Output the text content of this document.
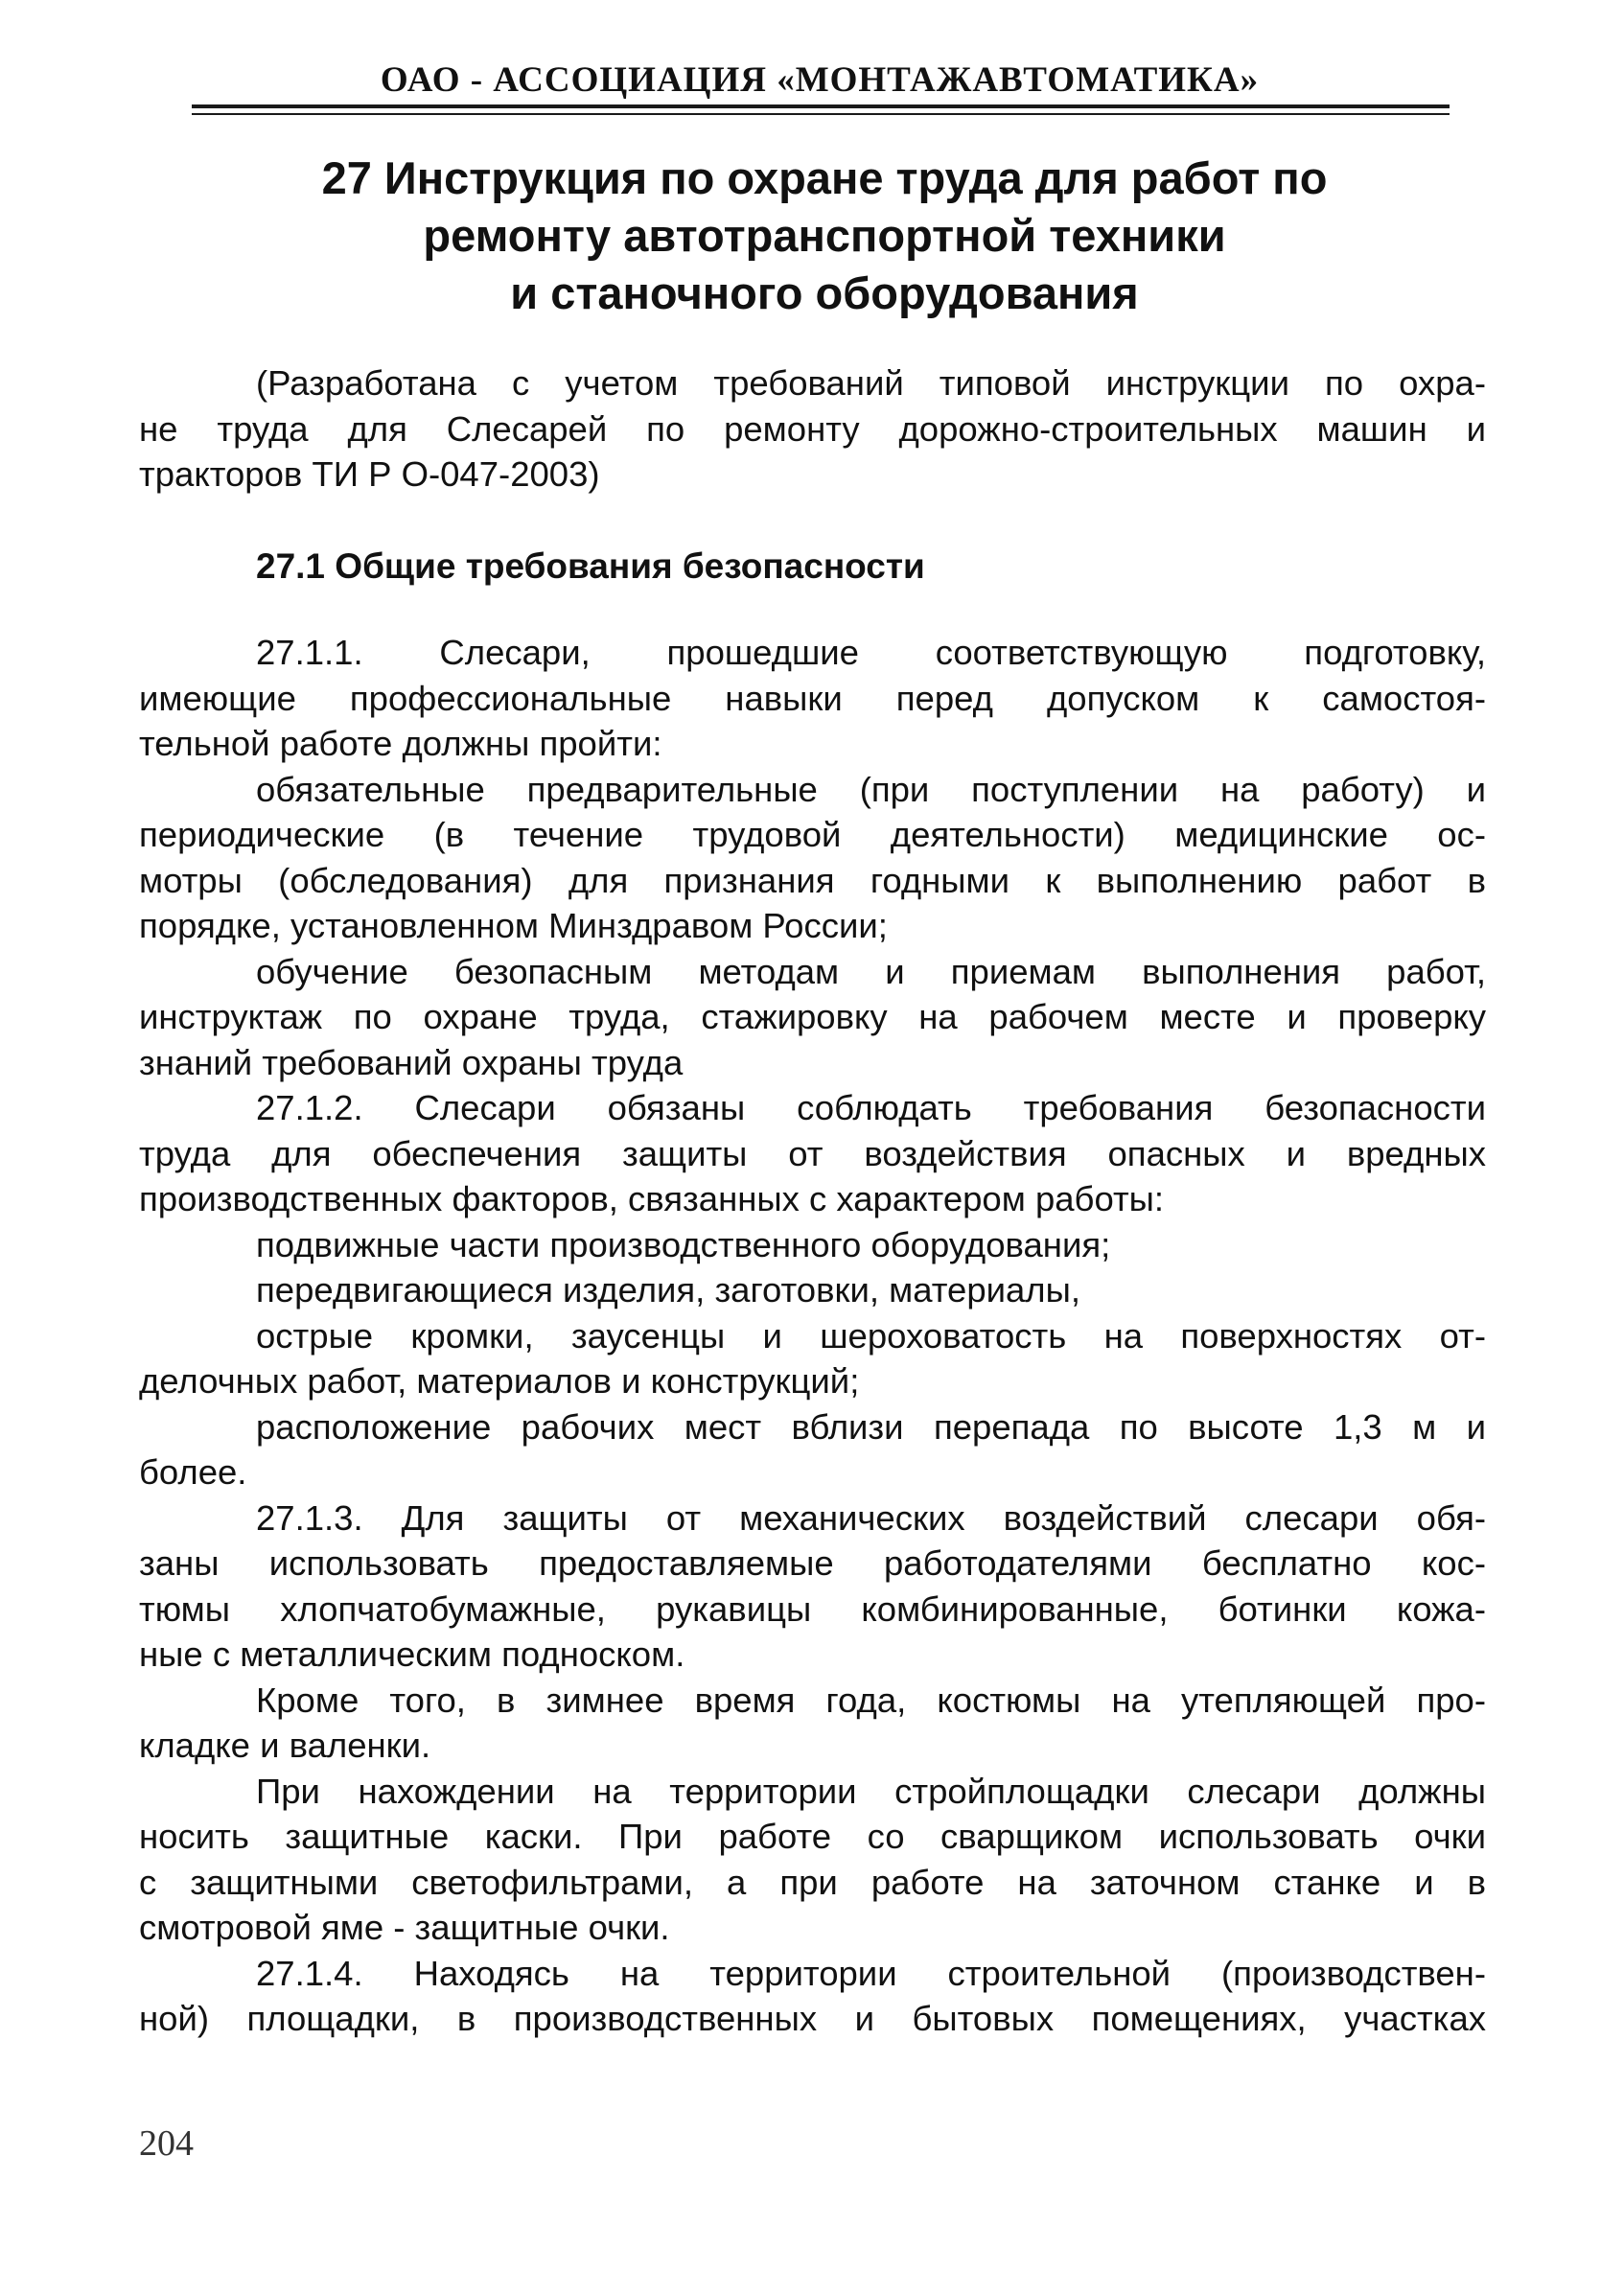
ОАО - АССОЦИАЦИЯ «МОНТАЖАВТОМАТИКА»
27 Инструкция по охране труда для работ по
ремонту автотранспортной техники
и станочного оборудования
(Разработана с учетом требований типовой инструкции по охра-
не труда для Слесарей по ремонту дорожно-строительных машин и
тракторов ТИ Р О-047-2003)
27.1 Общие требования безопасности
27.1.1. Слесари, прошедшие соответствующую подготовку,
имеющие профессиональные навыки перед допуском к самостоя-
тельной работе должны пройти:
обязательные предварительные (при поступлении на работу) и
периодические (в течение трудовой деятельности) медицинские ос-
мотры (обследования) для признания годными к выполнению работ в
порядке, установленном Минздравом России;
обучение безопасным методам и приемам выполнения работ,
инструктаж по охране труда, стажировку на рабочем месте и проверку
знаний требований охраны труда
27.1.2. Слесари обязаны соблюдать требования безопасности
труда для обеспечения защиты от воздействия опасных и вредных
производственных факторов, связанных с характером работы:
подвижные части производственного оборудования;
передвигающиеся изделия, заготовки, материалы,
острые кромки, заусенцы и шероховатость на поверхностях от-
делочных работ, материалов и конструкций;
расположение рабочих мест вблизи перепада по высоте 1,3 м и
более.
27.1.3. Для защиты от механических воздействий слесари обя-
заны использовать предоставляемые работодателями бесплатно кос-
тюмы хлопчатобумажные, рукавицы комбинированные, ботинки кожа-
ные с металлическим подноском.
Кроме того, в зимнее время года, костюмы на утепляющей про-
кладке и валенки.
При нахождении на территории стройплощадки слесари должны
носить защитные каски. При работе со сварщиком использовать очки
с защитными светофильтрами, а при работе на заточном станке и в
смотровой яме - защитные очки.
27.1.4. Находясь на территории строительной (производствен-
ной) площадки, в производственных и бытовых помещениях, участках
204
